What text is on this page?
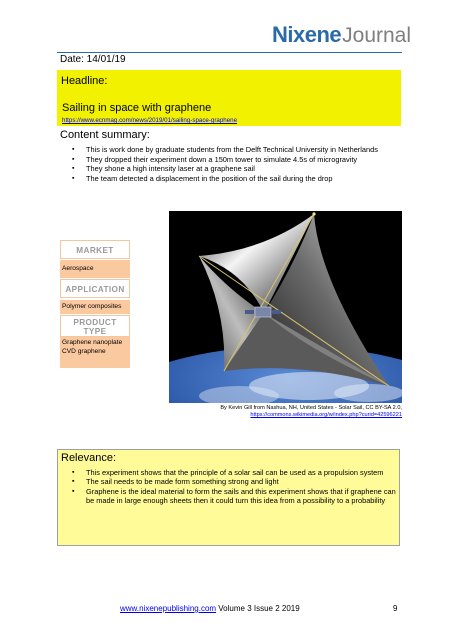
NixeneJournal
Date: 14/01/19
Headline:
Sailing in space with graphene
https://www.ecnmag.com/news/2019/01/sailing-space-graphene
Content summary:
▪ This is work done by graduate students from the Delft Technical University in Netherlands
▪ They dropped their experiment down a 150m tower to simulate 4.5s of microgravity
▪ They shone a high intensity laser at a graphene sail
▪ The team detected a displacement in the position of the sail during the drop
MARKET
Aerospace
APPLICATION
Polymer composites
PRODUCT TYPE
Graphene nanoplate
CVD graphene
By Kevin Gill from Nashua, NH, United States - Solar Sail, CC BY-SA 2.0,
https://commons.wikimedia.org/w/index.php?curid=42596221
Relevance:
▪ This experiment shows that the principle of a solar sail can be used as a propulsion system
▪ The sail needs to be made form something strong and light
▪ Graphene is the ideal material to form the sails and this experiment shows that if graphene can be made in large enough sheets then it could turn this idea from a possibility to a probability
www.nixenepublishing.com Volume 3 Issue 2 2019	9
